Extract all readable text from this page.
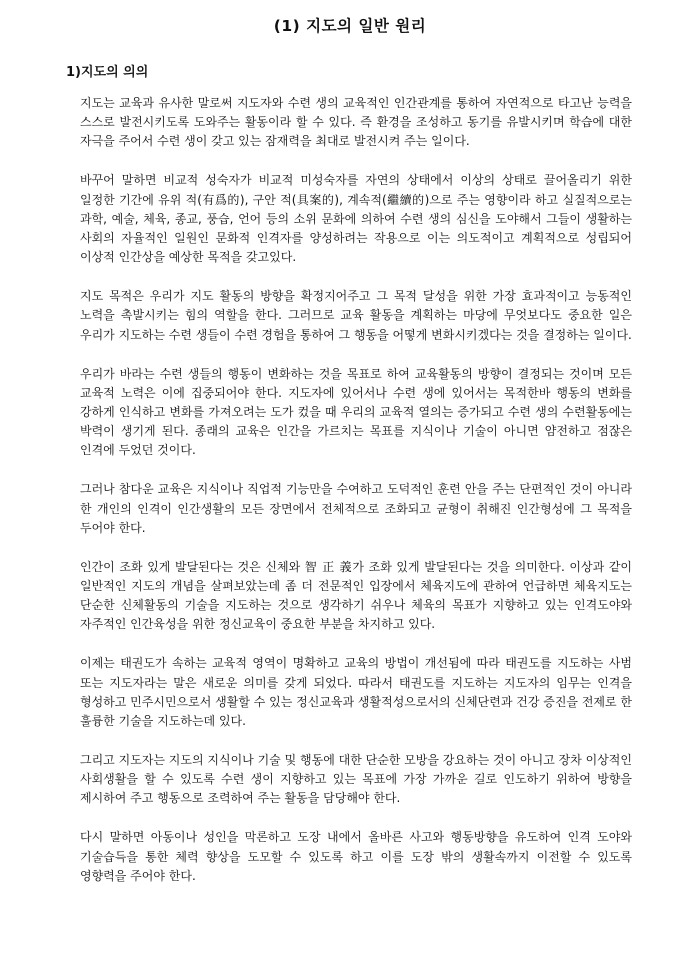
(1) 지도의 일반 원리
1)지도의 의의

지도는 교육과 유사한 말로써 지도자와 수련 생의 교육적인 인간관계를 통하여 자연적으로 타고난 능력을 스스로 발전시키도록 도와주는 활동이라 할 수 있다. 즉 환경을 조성하고 동기를 유발시키며 학습에 대한 자극을 주어서 수련 생이 갖고 있는 잠재력을 최대로 발전시켜 주는 일이다.

바꾸어 말하면 비교적 성숙자가 비교적 미성숙자를 자연의 상태에서 이상의 상태로 끌어올리기 위한 일정한 기간에 유위 적(有爲的), 구안 적(具案的), 계속적(繼續的)으로 주는 영향이라 하고 실질적으로는 과학, 예술, 체육, 종교, 풍습, 언어 등의 소위 문화에 의하여 수련 생의 심신을 도야해서 그들이 생활하는 사회의 자율적인 일원인 문화적 인격자를 양성하려는 작용으로 이는 의도적이고 계획적으로 성립되어 이상적 인간상을 예상한 목적을 갖고있다.

지도 목적은 우리가 지도 활동의 방향을 확정지어주고 그 목적 달성을 위한 가장 효과적이고 능동적인 노력을 촉발시키는 힘의 역할을 한다. 그러므로 교육 활동을 계획하는 마당에 무엇보다도 중요한 일은 우리가 지도하는 수련 생들이 수련 경험을 통하여 그 행동을 어떻게 변화시키겠다는 것을 결정하는 일이다.

우리가 바라는 수련 생들의 행동이 변화하는 것을 목표로 하여 교육활동의 방향이 결정되는 것이며 모든 교육적 노력은 이에 집중되어야 한다. 지도자에 있어서나 수련 생에 있어서는 목적한바 행동의 변화를 강하게 인식하고 변화를 가져오려는 도가 컸을 때 우리의 교육적 열의는 증가되고 수련 생의 수련활동에는 박력이 생기게 된다. 종래의 교육은 인간을 가르치는 목표를 지식이나 기술이 아니면 얌전하고 점잖은 인격에 두었던 것이다.

그러나 참다운 교육은 지식이나 직업적 기능만을 수여하고 도덕적인 훈련 안을 주는 단편적인 것이 아니라 한 개인의 인격이 인간생활의 모든 장면에서 전체적으로 조화되고 균형이 취해진 인간형성에 그 목적을 두어야 한다.

인간이 조화 있게 발달된다는 것은 신체와 智 正 義가 조화 있게 발달된다는 것을 의미한다. 이상과 같이 일반적인 지도의 개념을 살펴보았는데 좀 더 전문적인 입장에서 체육지도에 관하여 언급하면 체육지도는 단순한 신체활동의 기술을 지도하는 것으로 생각하기 쉬우나 체육의 목표가 지향하고 있는 인격도야와 자주적인 인간육성을 위한 정신교육이 중요한 부분을 차지하고 있다.

이제는 태권도가 속하는 교육적 영역이 명확하고 교육의 방법이 개선됨에 따라 태권도를 지도하는 사범 또는 지도자라는 말은 새로운 의미를 갖게 되었다. 따라서 태권도를 지도하는 지도자의 임무는 인격을 형성하고 민주시민으로서 생활할 수 있는 정신교육과 생활적성으로서의 신체단련과 건강 증진을 전제로 한 훌륭한 기술을 지도하는데 있다.

그리고 지도자는 지도의 지식이나 기술 및 행동에 대한 단순한 모방을 강요하는 것이 아니고 장차 이상적인 사회생활을 할 수 있도록 수련 생이 지향하고 있는 목표에 가장 가까운 길로 인도하기 위하여 방향을 제시하여 주고 행동으로 조력하여 주는 활동을 담당해야 한다.

다시 말하면 아동이나 성인을 막론하고 도장 내에서 올바른 사고와 행동방향을 유도하여 인격 도야와 기술습득을 통한 체력 향상을 도모할 수 있도록 하고 이를 도장 밖의 생활속까지 이전할 수 있도록 영향력을 주어야 한다.
